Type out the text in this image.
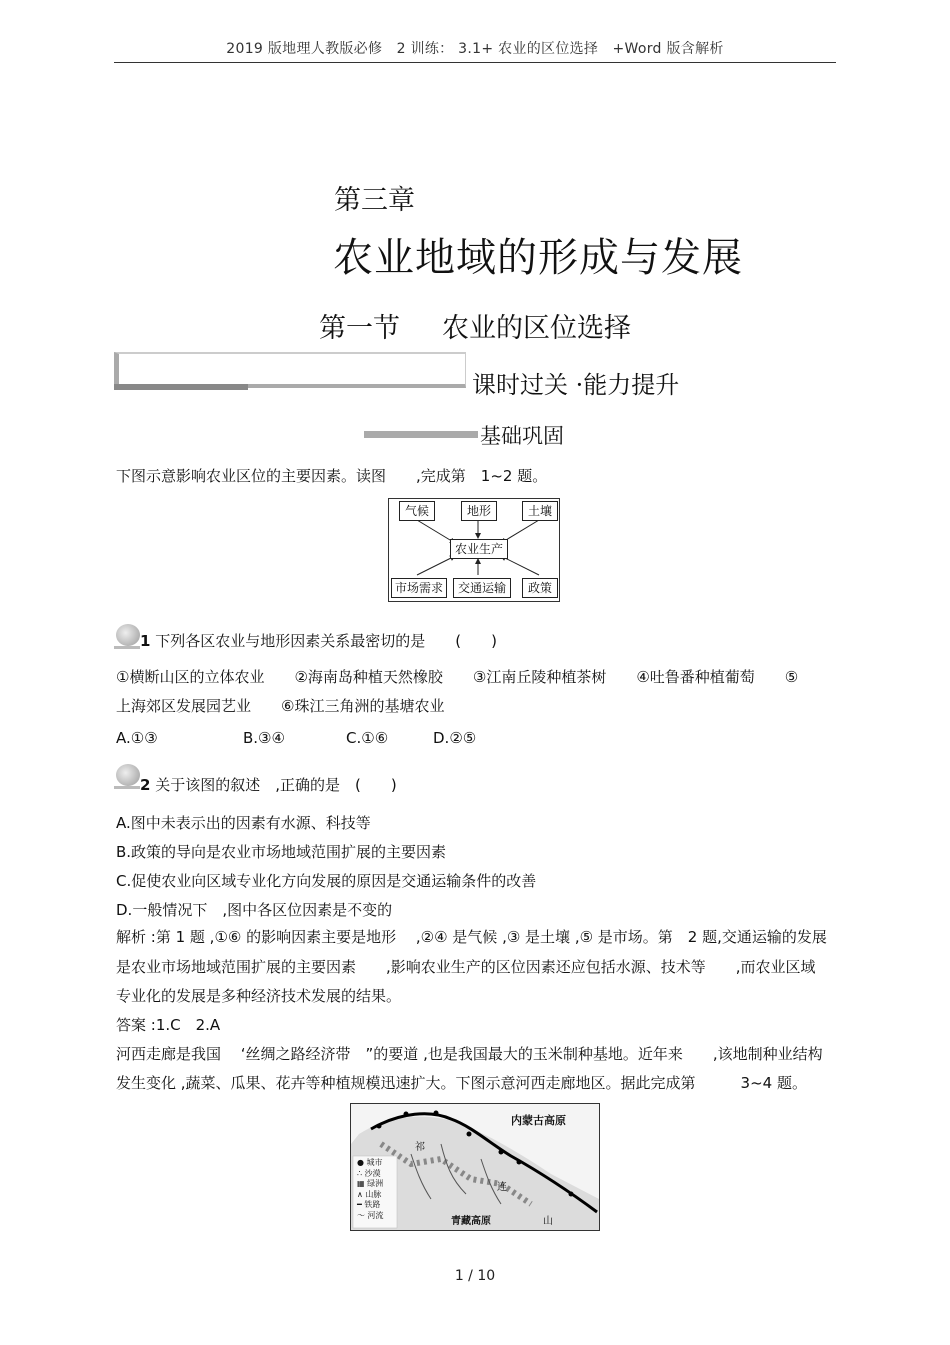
2019 版地理人教版必修　2 训练： 3.1+ 农业的区位选择　+Word 版含解析
第三章
农业地域的形成与发展
第一节 农业的区位选择
课时过关 ·能力提升
基础巩固
下图示意影响农业区位的主要因素。读图　　,完成第　1~2 题。
气候	地形	土壤
农业生产
市场需求	交通运输	政策
1 下列各区农业与地形因素关系最密切的是　　(　　)
①横断山区的立体农业　　②海南岛种植天然橡胶　　③江南丘陵种植茶树　　④吐鲁番种植葡萄　　⑤
上海郊区发展园艺业　　⑥珠江三角洲的基塘农业
A.①③	B.③④	C.①⑥	D.②⑤
2 关于该图的叙述　,正确的是　(　　)
A.图中未表示出的因素有水源、科技等
B.政策的导向是农业市场地域范围扩展的主要因素
C.促使农业向区域专业化方向发展的原因是交通运输条件的改善
D.一般情况下　,图中各区位因素是不变的
解析 :第 1 题 ,①⑥ 的影响因素主要是地形　 ,②④ 是气候 ,③ 是土壤 ,⑤ 是市场。第　2 题,交通运输的发展
是农业市场地域范围扩展的主要因素　　,影响农业生产的区位因素还应包括水源、技术等　　,而农业区域
专业化的发展是多种经济技术发展的结果。
答案 :1.C　2.A
河西走廊是我国　 ‘丝绸之路经济带　”的要道 ,也是我国最大的玉米制种基地。近年来　　,该地制种业结构
发生变化 ,蔬菜、瓜果、花卉等种植规模迅速扩大。下图示意河西走廊地区。据此完成第　　　3~4 题。
内蒙古高原
青藏高原
祁
连
山
● 城市
∴ 沙漠
▦ 绿洲
∧ 山脉
━ 铁路
～ 河流
1 / 10
